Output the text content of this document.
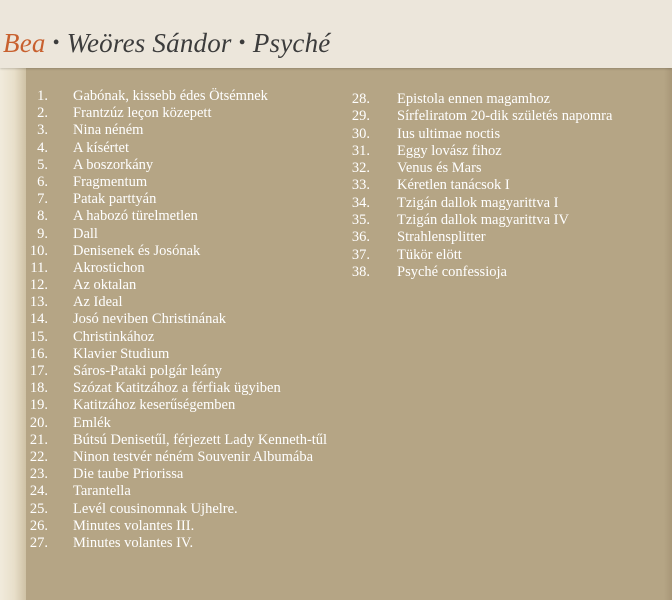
Bea • Weöres Sándor • Psyché
1. Gabónak, kissebb édes Ötsémnek
2. Frantzúz leçon közepett
3. Nina néném
4. A kísértet
5. A boszorkány
6. Fragmentum
7. Patak parttyán
8. A habozó türelmetlen
9. Dall
10. Denisenek és Josónak
11. Akrostichon
12. Az oktalan
13. Az Ideal
14. Josó neviben Christinának
15. Christinkához
16. Klavier Studium
17. Sáros-Pataki polgár leány
18. Szózat Katitzához a férfiak ügyiben
19. Katitzához keserűségemben
20. Emlék
21. Bútsú Denisetűl, férjezett Lady Kenneth-tűl
22. Ninon testvér néném Souvenir Albumába
23. Die taube Priorissa
24. Tarantella
25. Levél cousinomnak Ujhelre.
26. Minutes volantes III.
27. Minutes volantes IV.
28. Epistola ennen magamhoz
29. Sírfeliratom 20-dik születés napomra
30. Ius ultimae noctis
31. Eggy lovász fihoz
32. Venus és Mars
33. Kéretlen tanácsok I
34. Tzigán dallok magyarittva I
35. Tzigán dallok magyarittva IV
36. Strahlensplitter
37. Tükör elött
38. Psyché confessioja
